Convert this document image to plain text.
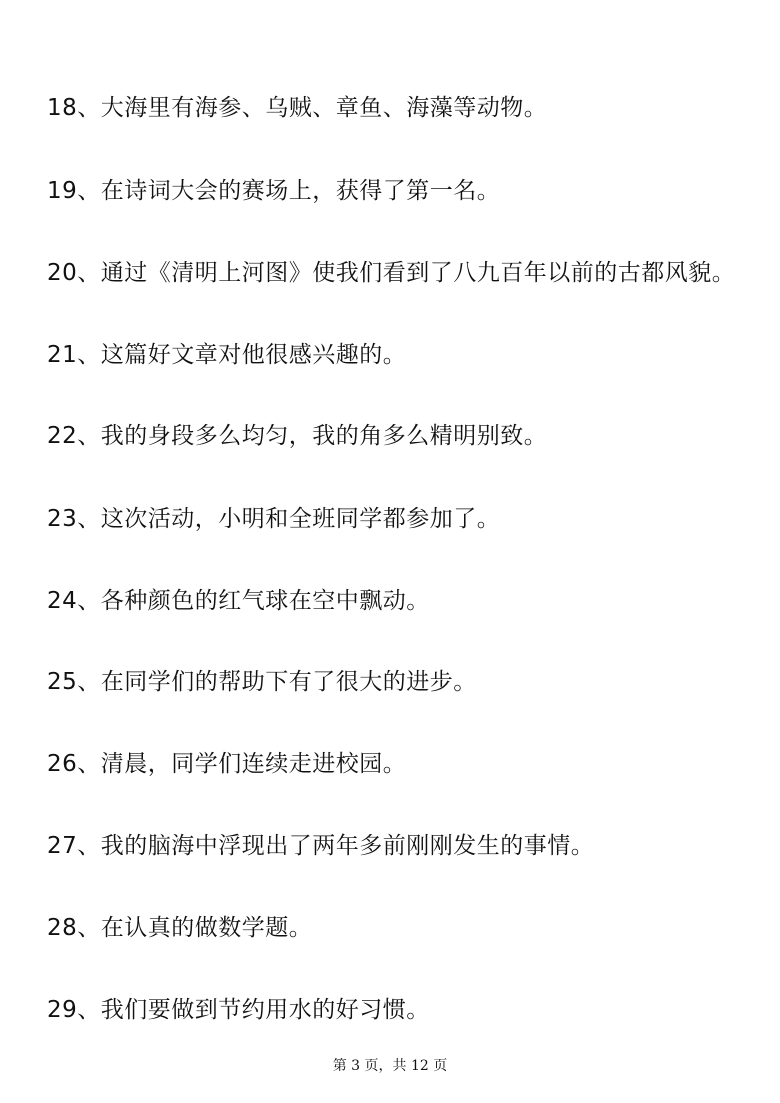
18、大海里有海参、乌贼、章鱼、海藻等动物。
19、在诗词大会的赛场上，获得了第一名。
20、通过《清明上河图》使我们看到了八九百年以前的古都风貌。
21、这篇好文章对他很感兴趣的。
22、我的身段多么均匀，我的角多么精明别致。
23、这次活动，小明和全班同学都参加了。
24、各种颜色的红气球在空中飘动。
25、在同学们的帮助下有了很大的进步。
26、清晨，同学们连续走进校园。
27、我的脑海中浮现出了两年多前刚刚发生的事情。
28、在认真的做数学题。
29、我们要做到节约用水的好习惯。
第 3 页，共 12 页
